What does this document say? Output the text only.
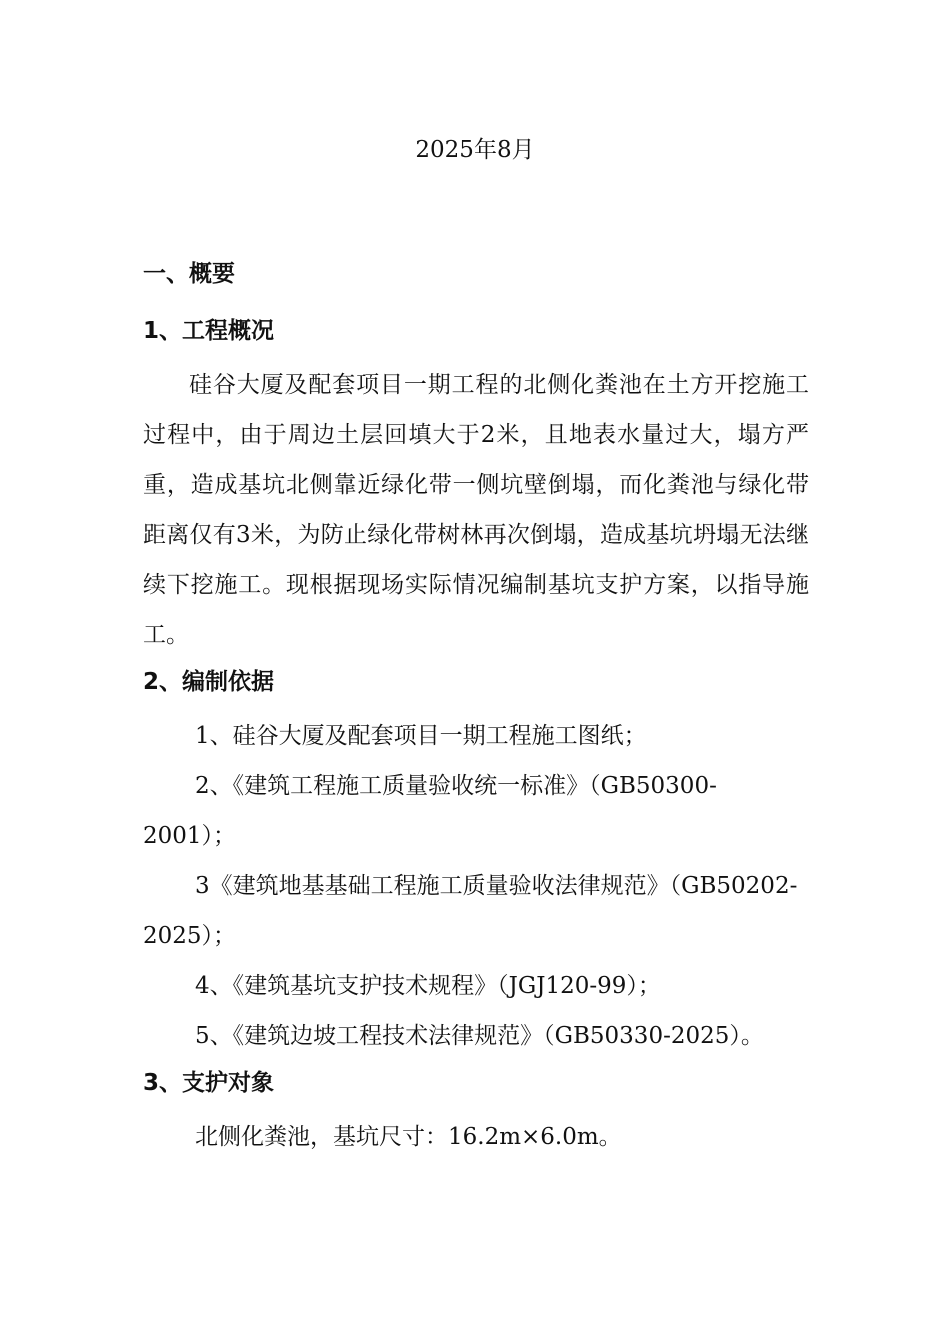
2025年8月

一、概要

1、工程概况

硅谷大厦及配套项目一期工程的北侧化粪池在土方开挖施工过程中，由于周边土层回填大于2米，且地表水量过大，塌方严重，造成基坑北侧靠近绿化带一侧坑壁倒塌，而化粪池与绿化带距离仅有3米，为防止绿化带树林再次倒塌，造成基坑坍塌无法继续下挖施工。现根据现场实际情况编制基坑支护方案，以指导施工。

2、编制依据

1、硅谷大厦及配套项目一期工程施工图纸；

2、《建筑工程施工质量验收统一标准》（GB50300-2001）；

3《建筑地基基础工程施工质量验收法律规范》（GB50202-2025）；

4、《建筑基坑支护技术规程》（JGJ120-99）；

5、《建筑边坡工程技术法律规范》（GB50330-2025）。

3、支护对象

北侧化粪池，基坑尺寸：16.2m×6.0m。
